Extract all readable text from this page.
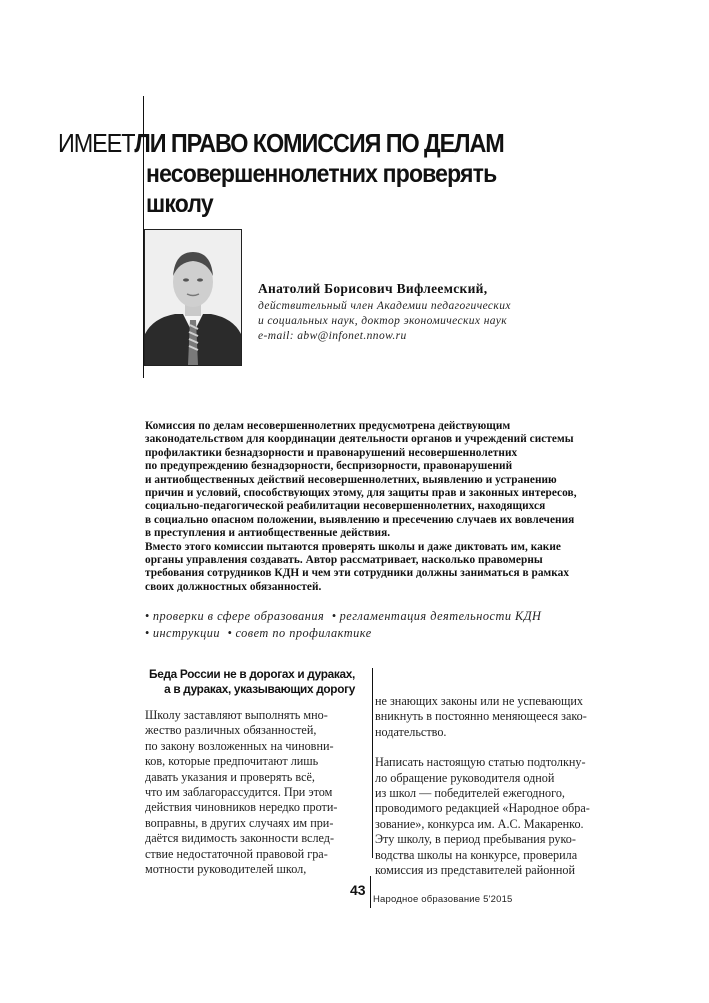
ИМЕЕТЛИ ПРАВО КОМИССИЯ ПО ДЕЛАМ
несовершеннолетних проверять
школу
Анатолий Борисович Вифлеемский,
действительный член Академии педагогических
и социальных наук, доктор экономических наук
e-mail: abw@infonet.nnow.ru
Комиссия по делам несовершеннолетних предусмотрена действующим
законодательством для координации деятельности органов и учреждений системы
профилактики безнадзорности и правонарушений несовершеннолетних
по предупреждению безнадзорности, беспризорности, правонарушений
и антиобщественных действий несовершеннолетних, выявлению и устранению
причин и условий, способствующих этому, для защиты прав и законных интересов,
социально-педагогической реабилитации несовершеннолетних, находящихся
в социально опасном положении, выявлению и пресечению случаев их вовлечения
в преступления и антиобщественные действия.
Вместо этого комиссии пытаются проверять школы и даже диктовать им, какие
органы управления создавать. Автор рассматривает, насколько правомерны
требования сотрудников КДН и чем эти сотрудники должны заниматься в рамках
своих должностных обязанностей.
• проверки в сфере образования • регламентация деятельности КДН
• инструкции • совет по профилактике
Беда России не в дорогах и дураках,
а в дураках, указывающих дорогу
Школу заставляют выполнять мно-
жество различных обязанностей,
по закону возложенных на чиновни-
ков, которые предпочитают лишь
давать указания и проверять всё,
что им заблагорассудится. При этом
действия чиновников нередко проти-
воправны, в других случаях им при-
даётся видимость законности вслед-
ствие недостаточной правовой гра-
мотности руководителей школ,

не знающих законы или не успевающих
вникнуть в постоянно меняющееся зако-
нодательство.

Написать настоящую статью подтолкну-
ло обращение руководителя одной
из школ — победителей ежегодного,
проводимого редакцией «Народное обра-
зование», конкурса им. А.С. Макаренко.
Эту школу, в период пребывания руко-
водства школы на конкурсе, проверила
комиссия из представителей районной

43
Народное образование 5'2015
